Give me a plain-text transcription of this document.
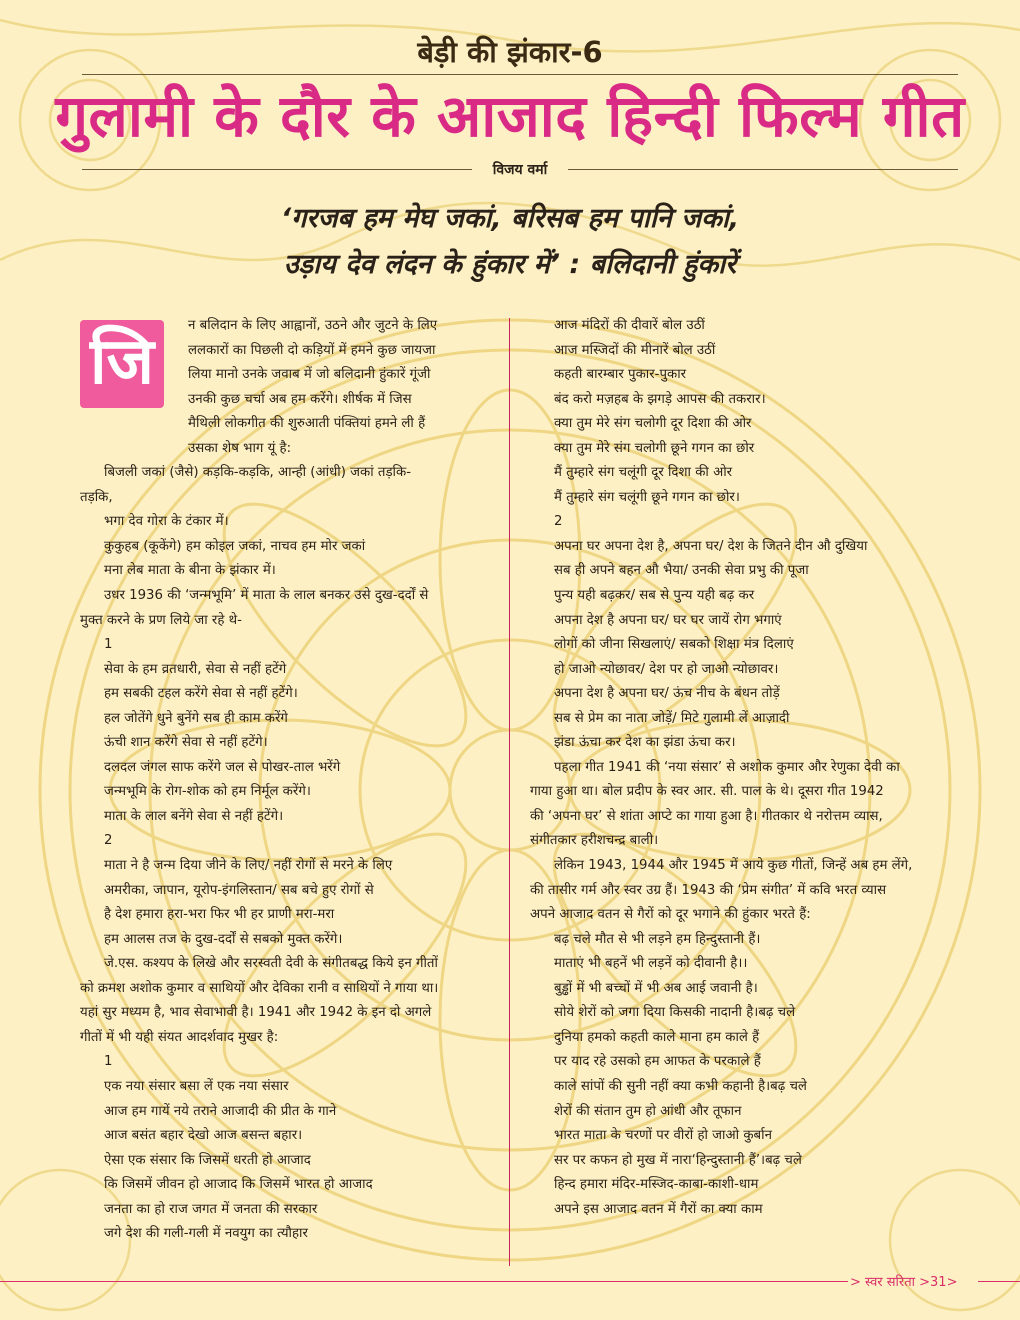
बेड़ी की झंकार-6
गुलामी के दौर के आजाद हिन्दी फिल्म गीत
विजय वर्मा
‘गरजब हम मेघ जकां, बरिसब हम पानि जकां,
उड़ाय देव लंदन के हुंकार में’ : बलिदानी हुंकारें
जि	न बलिदान के लिए आह्वानों, उठने और जुटने के लिए
ललकारों का पिछली दो कड़ियों में हमने कुछ जायजा
लिया मानो उनके जवाब में जो बलिदानी हुंकारें गूंजी
उनकी कुछ चर्चा अब हम करेंगे। शीर्षक में जिस
मैथिली लोकगीत की शुरुआती पंक्तियां हमने ली हैं
उसका शेष भाग यूं है:
बिजली जकां (जैसे) कड़कि-कड़कि, आन्ही (आंधी) जकां तड़कि-
तड़कि,
भगा देव गोरा के टंकार में।
कुकुहब (कूकेंगे) हम कोइल जकां, नाचव हम मोर जकां
मना लेब माता के बीना के झंकार में।
उधर 1936 की ‘जन्मभूमि’ में माता के लाल बनकर उसे दुख-दर्दों से
मुक्त करने के प्रण लिये जा रहे थे-
1
सेवा के हम व्रतधारी, सेवा से नहीं हटेंगे
हम सबकी टहल करेंगे सेवा से नहीं हटेंगे।
हल जोतेंगे धुने बुनेंगे सब ही काम करेंगे
ऊंची शान करेंगे सेवा से नहीं हटेंगे।
दलदल जंगल साफ करेंगे जल से पोखर-ताल भरेंगे
जन्मभूमि के रोग-शोक को हम निर्मूल करेंगे।
माता के लाल बनेंगे सेवा से नहीं हटेंगे।
2
माता ने है जन्म दिया जीने के लिए/ नहीं रोगों से मरने के लिए
अमरीका, जापान, यूरोप-इंगलिस्तान/ सब बचे हुए रोगों से
है देश हमारा हरा-भरा फिर भी हर प्राणी मरा-मरा
हम आलस तज के दुख-दर्दों से सबको मुक्त करेंगे।
जे.एस. कश्यप के लिखे और सरस्वती देवी के संगीतबद्ध किये इन गीतों
को क्रमश अशोक कुमार व साथियों और देविका रानी व साथियों ने गाया था।
यहां सुर मध्यम है, भाव सेवाभावी है। 1941 और 1942 के इन दो अगले
गीतों में भी यही संयत आदर्शवाद मुखर है:
1
एक नया संसार बसा लें एक नया संसार
आज हम गायें नये तराने आजादी की प्रीत के गाने
आज बसंत बहार देखो आज बसन्त बहार।
ऐसा एक संसार कि जिसमें धरती हो आजाद
कि जिसमें जीवन हो आजाद कि जिसमें भारत हो आजाद
जनता का हो राज जगत में जनता की सरकार
जगे देश की गली-गली में नवयुग का त्यौहार
आज मंदिरों की दीवारें बोल उठीं
आज मस्जिदों की मीनारें बोल उठीं
कहती बारम्बार पुकार-पुकार
बंद करो मज़हब के झगड़े आपस की तकरार।
क्या तुम मेरे संग चलोगी दूर दिशा की ओर
क्या तुम मेरे संग चलोगी छूने गगन का छोर
मैं तुम्हारे संग चलूंगी दूर दिशा की ओर
मैं तुम्हारे संग चलूंगी छूने गगन का छोर।
2
अपना घर अपना देश है, अपना घर/ देश के जितने दीन औ दुखिया
सब ही अपने बहन औ भैया/ उनकी सेवा प्रभु की पूजा
पुन्य यही बढ़कर/ सब से पुन्य यही बढ़ कर
अपना देश है अपना घर/ घर घर जायें रोग भगाएं
लोगों को जीना सिखलाएं/ सबको शिक्षा मंत्र दिलाएं
हो जाओ न्योछावर/ देश पर हो जाओ न्योछावर।
अपना देश है अपना घर/ ऊंच नीच के बंधन तोड़ें
सब से प्रेम का नाता जोड़ें/ मिटे गुलामी लें आज़ादी
झंडा ऊंचा कर देश का झंडा ऊंचा कर।
पहला गीत 1941 की ‘नया संसार’ से अशोक कुमार और रेणुका देवी का
गाया हुआ था। बोल प्रदीप के स्वर आर. सी. पाल के थे। दूसरा गीत 1942
की ‘अपना घर’ से शांता आप्टे का गाया हुआ है। गीतकार थे नरोत्तम व्यास,
संगीतकार हरीशचन्द्र बाली।
लेकिन 1943, 1944 और 1945 में आये कुछ गीतों, जिन्हें अब हम लेंगे,
की तासीर गर्म और स्वर उग्र हैं। 1943 की ‘प्रेम संगीत’ में कवि भरत व्यास
अपने आजाद वतन से गैरों को दूर भगाने की हुंकार भरते हैं:
बढ़ चले मौत से भी लड़ने हम हिन्दुस्तानी हैं।
माताएं भी बहनें भी लड़नें को दीवानी है।।
बुड्ढों में भी बच्चों में भी अब आई जवानी है।
सोये शेरों को जगा दिया किसकी नादानी है।बढ़ चले
दुनिया हमको कहती काले माना हम काले हैं
पर याद रहे उसको हम आफत के परकाले हैं
काले सांपों की सुनी नहीं क्या कभी कहानी है।बढ़ चले
शेरों की संतान तुम हो आंधी और तूफान
भारत माता के चरणों पर वीरों हो जाओ कुर्बान
सर पर कफन हो मुख में नारा‘हिन्दुस्तानी हैं’।बढ़ चले
हिन्द हमारा मंदिर-मस्जिद-काबा-काशी-धाम
अपने इस आजाद वतन में गैरों का क्या काम
> स्वर सरिता >31>
